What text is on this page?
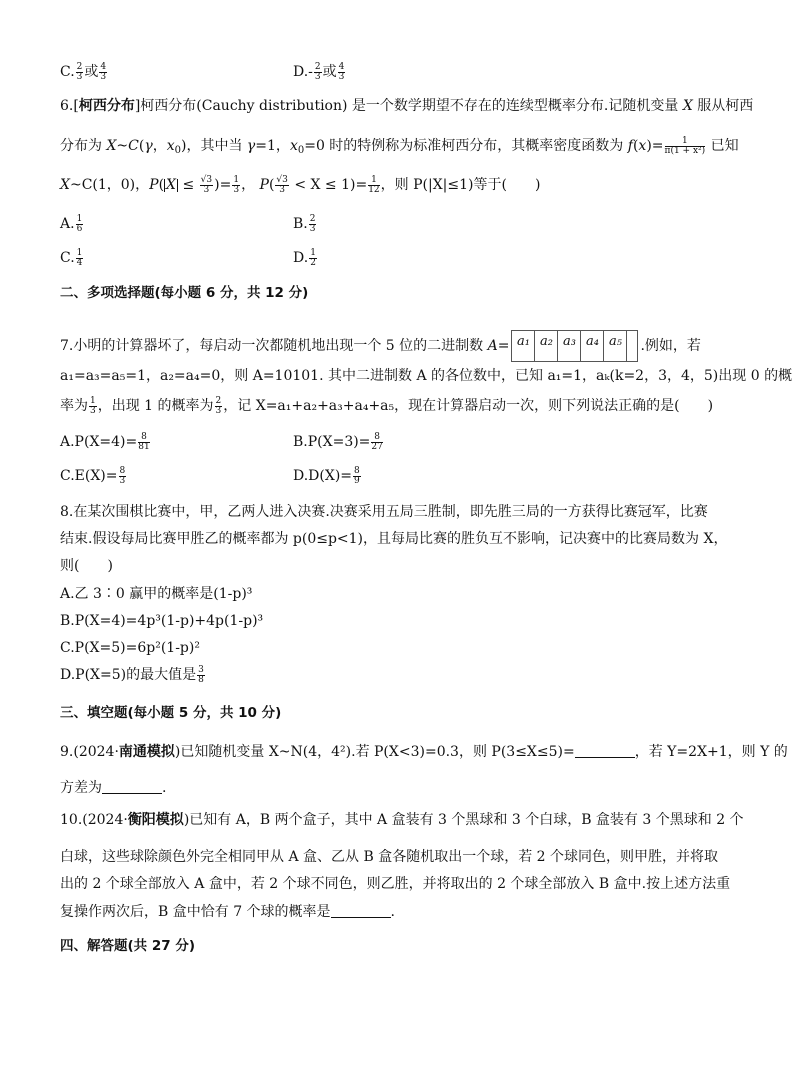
C. $\frac{2}{3}$ 或 $\frac{4}{3}$	$D.- \frac{2}{3}$ 或 $\frac{4}{3}$
6.[柯西分布]柯西分布(Cauchy distribution) 是一个数学期望不存在的连续型概率分布.记随机变量 X 服从柯西
分布为 X~C(γ，$x_0$)，其中当 γ=1，$x_0=0$ 时的特例称为标准柯西分布，其概率密度函数为 $f(x)= \frac{1}{\text{π(1 + x²)}}$ 已知
X~C(1，0)，P( $X \le \frac{√3}{3}$ )= $\frac{1}{3}$ ， $P( \frac{√3}{3} < X \le 1)= \frac{1}{12}$ ，则 P(|X|≤1)等于(　　)
A. $\frac{1}{6}$	B. $\frac{2}{3}$
C. $\frac{1}{4}$	D. $\frac{1}{2}$
二、多项选择题(每小题 6 分，共 12 分)
7.小明的计算器坏了，每启动一次都随机地出现一个 5 位的二进制数 A= a₁ a₂ a₃ a₄ a₅	.例如，若
a₁=a₃=a₅=1，a₂=a₄=0，则 A=10101. 其中二进制数 A 的各位数中，已知 a₁=1，aₖ(k=2，3，4，5)出现 0 的概
率为 $\frac{1}{3}$ ，出现 1 的概率为 $\frac{2}{3}$ ，记 X=a₁+a₂+a₃+a₄+a₅，现在计算器启动一次，则下列说法正确的是(　　)
$A.P(X=4)= \frac{8}{81}$	$B.P(X=3)= \frac{8}{27}$
$C.E(X)= \frac{8}{3}$	$D.D(X)= \frac{8}{9}$
8.在某次围棋比赛中，甲，乙两人进入决赛.决赛采用五局三胜制，即先胜三局的一方获得比赛冠军，比赛
结束.假设每局比赛甲胜乙的概率都为 p(0≤p<1)，且每局比赛的胜负互不影响，记决赛中的比赛局数为 X，
则(　　)
A.乙 3∶0 赢甲的概率是(1-p)³
B.P(X=4)=4p³(1-p)+4p(1-p)³
C.P(X=5)=6p²(1-p)²
D.P(X=5)的最大值是 $\frac{3}{8}$
三、填空题(每小题 5 分，共 10 分)
9.(2024·南通模拟)已知随机变量 X~N(4，4²).若 P(X<3)=0.3，则 P(3≤X≤5)=	，若 Y=2X+1，则 Y 的
方差为	.
10.(2024·衡阳模拟)已知有 A，B 两个盒子，其中 A 盒装有 3 个黑球和 3 个白球，B 盒装有 3 个黑球和 2 个
白球，这些球除颜色外完全相同甲从 A 盒、乙从 B 盒各随机取出一个球，若 2 个球同色，则甲胜，并将取
出的 2 个球全部放入 A 盒中，若 2 个球不同色，则乙胜，并将取出的 2 个球全部放入 B 盒中.按上述方法重
复操作两次后，B 盒中恰有 7 个球的概率是	.
四、解答题(共 27 分)
